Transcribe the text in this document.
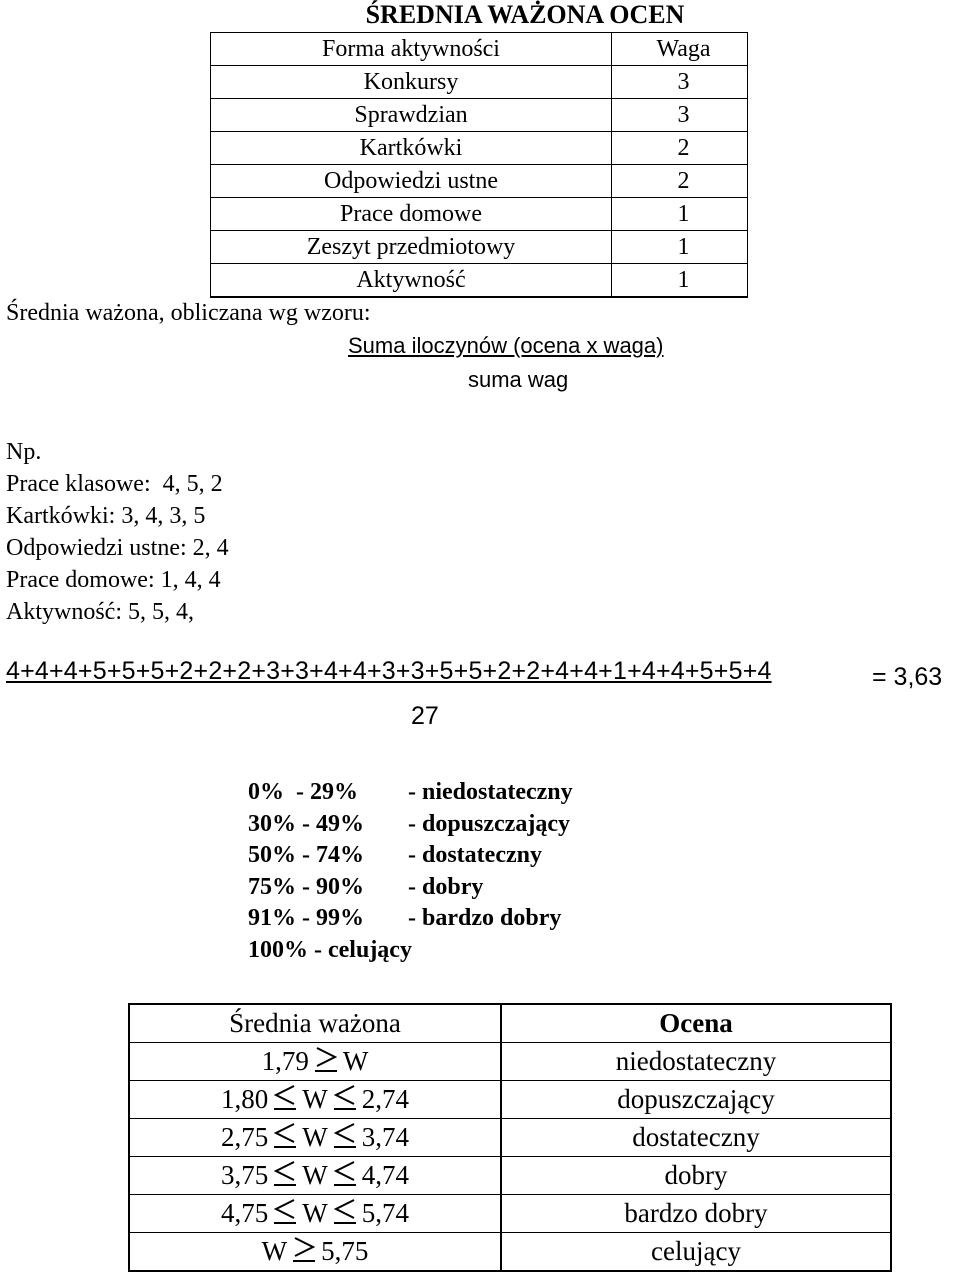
ŚREDNIA WAŻONA OCEN
Forma aktywności	Waga
Konkursy	3
Sprawdzian	3
Kartkówki	2
Odpowiedzi ustne	2
Prace domowe	1
Zeszyt przedmiotowy	1
Aktywność	1
Średnia ważona, obliczana wg wzoru:
Suma iloczynów (ocena x waga)
suma wag
Np.
Prace klasowe:  4, 5, 2
Kartkówki: 3, 4, 3, 5
Odpowiedzi ustne: 2, 4
Prace domowe: 1, 4, 4
Aktywność: 5, 5, 4,
4+4+4+5+5+5+2+2+2+3+3+4+4+3+3+5+5+2+2+4+4+1+4+4+5+5+4	= 3,63
27
0%  - 29% - niedostateczny
30% - 49% - dopuszczający
50% - 74% - dostateczny
75% - 90% - dobry
91% - 99% - bardzo dobry
100% - celujący
Średnia ważona	Ocena
1,79 W	niedostateczny
1,80 W 2,74	dopuszczający
2,75 W 3,74	dostateczny
3,75 W 4,74	dobry
4,75 W 5,74	bardzo dobry
W 5,75	celujący
